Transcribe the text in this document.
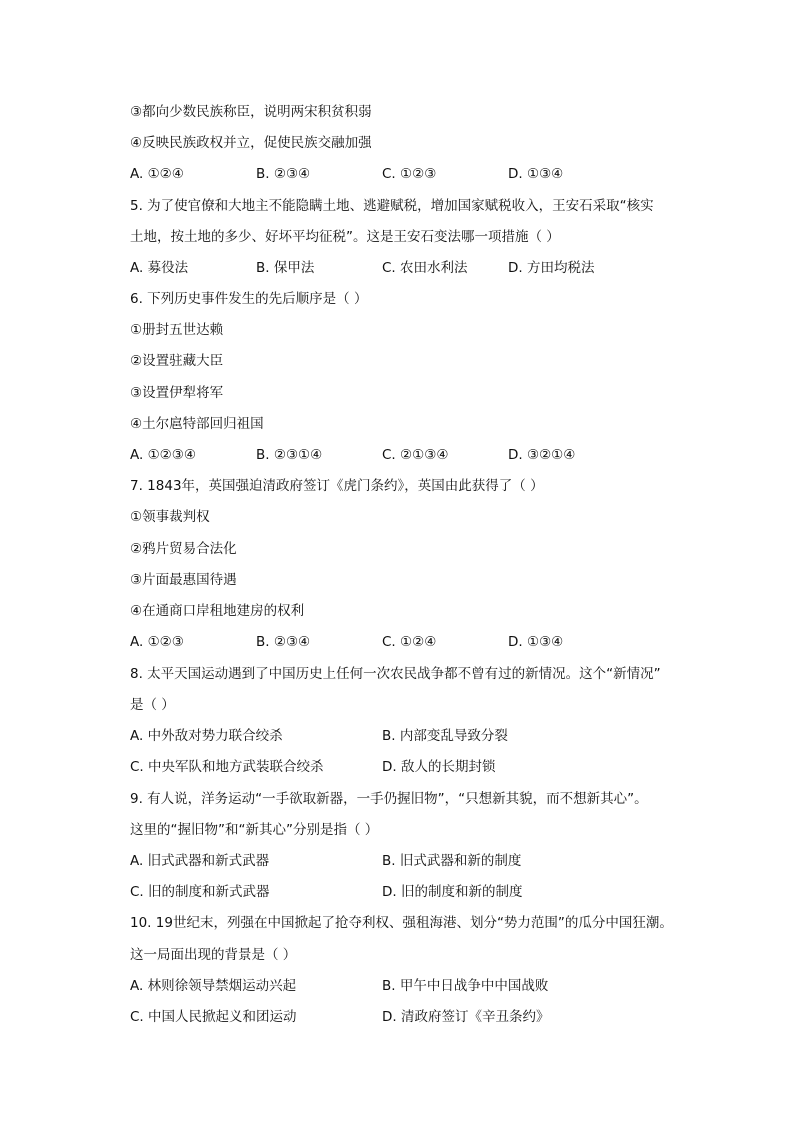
③都向少数民族称臣，说明两宋积贫积弱
④反映民族政权并立，促使民族交融加强
A. ①②④	B. ②③④	C. ①②③	D. ①③④
5. 为了使官僚和大地主不能隐瞒土地、逃避赋税，增加国家赋税收入，王安石采取“核实
土地，按土地的多少、好坏平均征税”。这是王安石变法哪一项措施（ ）
A. 募役法	B. 保甲法	C. 农田水利法	D. 方田均税法
6. 下列历史事件发生的先后顺序是（ ）
①册封五世达赖
②设置驻藏大臣
③设置伊犁将军
④土尔扈特部回归祖国
A. ①②③④	B. ②③①④	C. ②①③④	D. ③②①④
7. 1843年，英国强迫清政府签订《虎门条约》，英国由此获得了（ ）
①领事裁判权
②鸦片贸易合法化
③片面最惠国待遇
④在通商口岸租地建房的权利
A. ①②③	B. ②③④	C. ①②④	D. ①③④
8. 太平天国运动遇到了中国历史上任何一次农民战争都不曾有过的新情况。这个“新情况”
是（ ）
A. 中外敌对势力联合绞杀	B. 内部变乱导致分裂
C. 中央军队和地方武装联合绞杀	D. 敌人的长期封锁
9. 有人说，洋务运动“一手欲取新器，一手仍握旧物”，“只想新其貌，而不想新其心”。
这里的“握旧物”和“新其心”分别是指（ ）
A. 旧式武器和新式武器	B. 旧式武器和新的制度
C. 旧的制度和新式武器	D. 旧的制度和新的制度
10. 19世纪末，列强在中国掀起了抢夺利权、强租海港、划分“势力范围”的瓜分中国狂潮。
这一局面出现的背景是（ ）
A. 林则徐领导禁烟运动兴起	B. 甲午中日战争中中国战败
C. 中国人民掀起义和团运动	D. 清政府签订《辛丑条约》
